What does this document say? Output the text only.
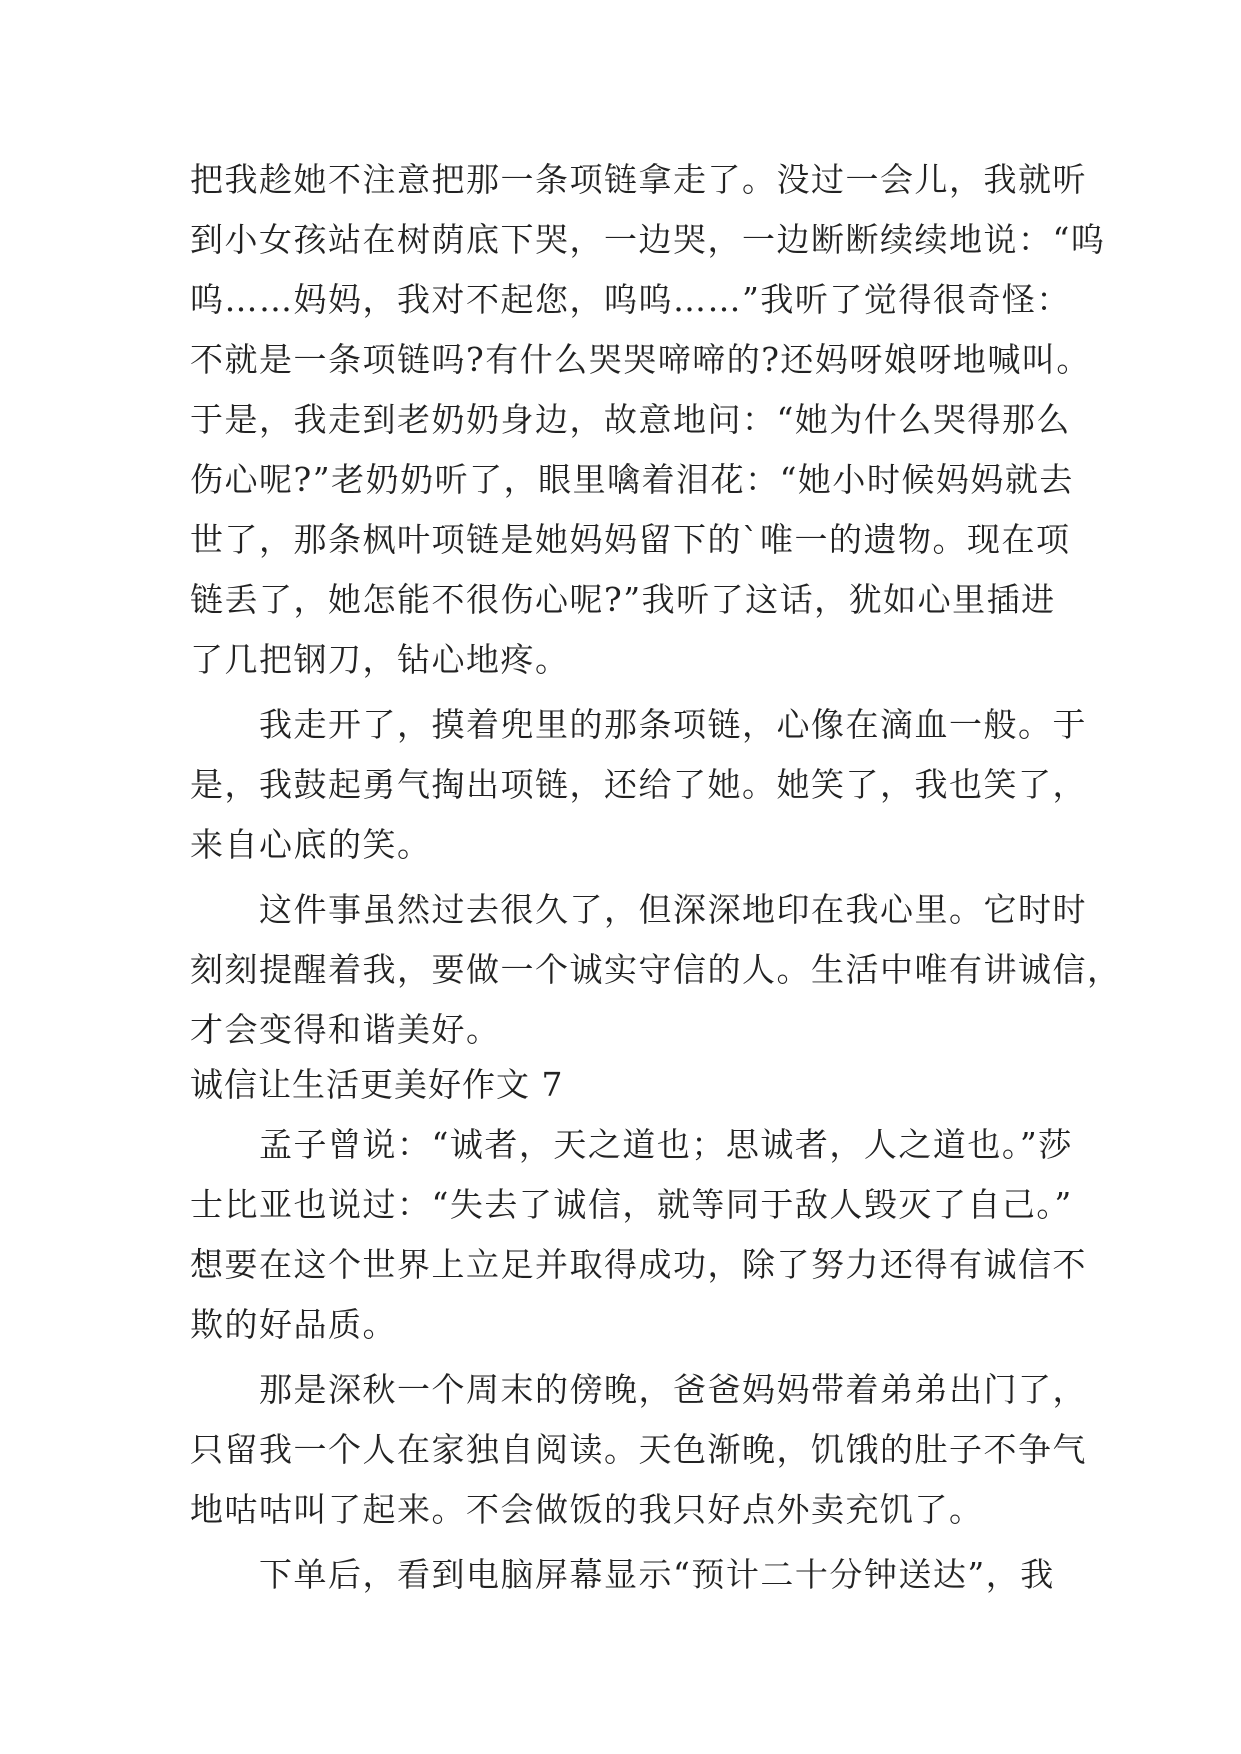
把我趁她不注意把那一条项链拿走了。没过一会儿，我就听
到小女孩站在树荫底下哭，一边哭，一边断断续续地说：“呜
呜……妈妈，我对不起您，呜呜……”我听了觉得很奇怪：
不就是一条项链吗?有什么哭哭啼啼的?还妈呀娘呀地喊叫。
于是，我走到老奶奶身边，故意地问：“她为什么哭得那么
伤心呢?”老奶奶听了，眼里噙着泪花：“她小时候妈妈就去
世了，那条枫叶项链是她妈妈留下的`唯一的遗物。现在项
链丢了，她怎能不很伤心呢?”我听了这话，犹如心里插进
了几把钢刀，钻心地疼。
　　我走开了，摸着兜里的那条项链，心像在滴血一般。于
是，我鼓起勇气掏出项链，还给了她。她笑了，我也笑了，
来自心底的笑。
　　这件事虽然过去很久了，但深深地印在我心里。它时时
刻刻提醒着我，要做一个诚实守信的人。生活中唯有讲诚信，
才会变得和谐美好。
诚信让生活更美好作文 7
　　孟子曾说：“诚者，天之道也；思诚者，人之道也。”莎
士比亚也说过：“失去了诚信，就等同于敌人毁灭了自己。”
想要在这个世界上立足并取得成功，除了努力还得有诚信不
欺的好品质。
　　那是深秋一个周末的傍晚，爸爸妈妈带着弟弟出门了，
只留我一个人在家独自阅读。天色渐晚，饥饿的肚子不争气
地咕咕叫了起来。不会做饭的我只好点外卖充饥了。
　　下单后，看到电脑屏幕显示“预计二十分钟送达”，我
